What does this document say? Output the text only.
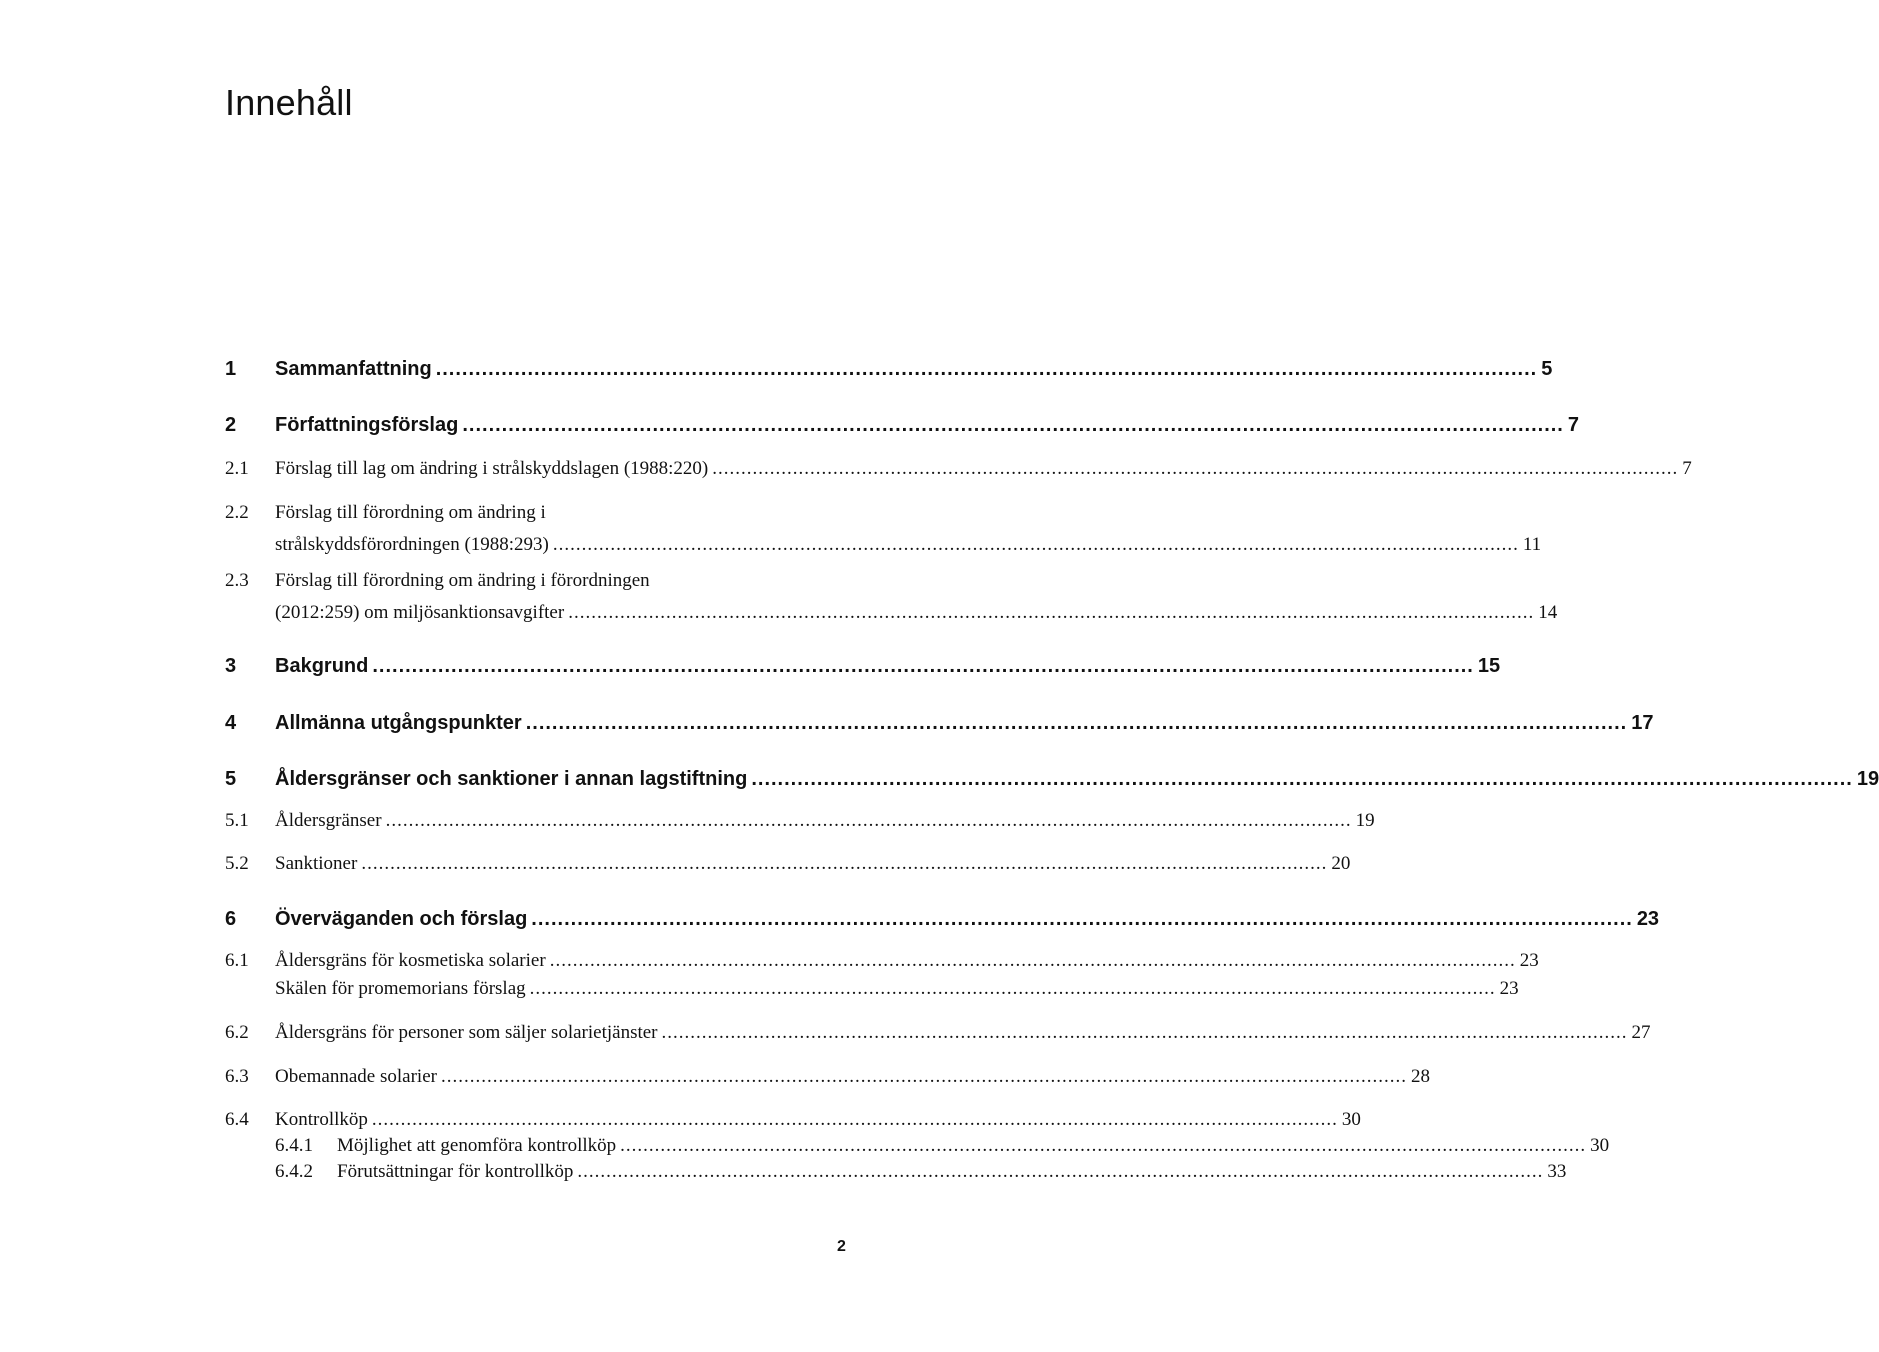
Innehåll
1	Sammanfattning ........................................................................................................................................................................ 5
2	Författningsförslag ........................................................................................................................................................................ 7
2.1	Förslag till lag om ändring i strålskyddslagen (1988:220) ........................................................................................................................................................................ 7
2.2	Förslag till förordning om ändring i
strålskyddsförordningen (1988:293) ........................................................................................................................................................................ 11
2.3	Förslag till förordning om ändring i förordningen
(2012:259) om miljösanktionsavgifter ........................................................................................................................................................................ 14
3	Bakgrund ........................................................................................................................................................................ 15
4	Allmänna utgångspunkter ........................................................................................................................................................................ 17
5	Åldersgränser och sanktioner i annan lagstiftning ........................................................................................................................................................................ 19
5.1	Åldersgränser ........................................................................................................................................................................ 19
5.2	Sanktioner ........................................................................................................................................................................ 20
6	Överväganden och förslag ........................................................................................................................................................................ 23
6.1	Åldersgräns för kosmetiska solarier ........................................................................................................................................................................ 23
Skälen för promemorians förslag ........................................................................................................................................................................ 23
6.2	Åldersgräns för personer som säljer solarietjänster ........................................................................................................................................................................ 27
6.3	Obemannade solarier ........................................................................................................................................................................ 28
6.4	Kontrollköp ........................................................................................................................................................................ 30
6.4.1	Möjlighet att genomföra kontrollköp ........................................................................................................................................................................ 30
6.4.2	Förutsättningar för kontrollköp ........................................................................................................................................................................ 33
2
